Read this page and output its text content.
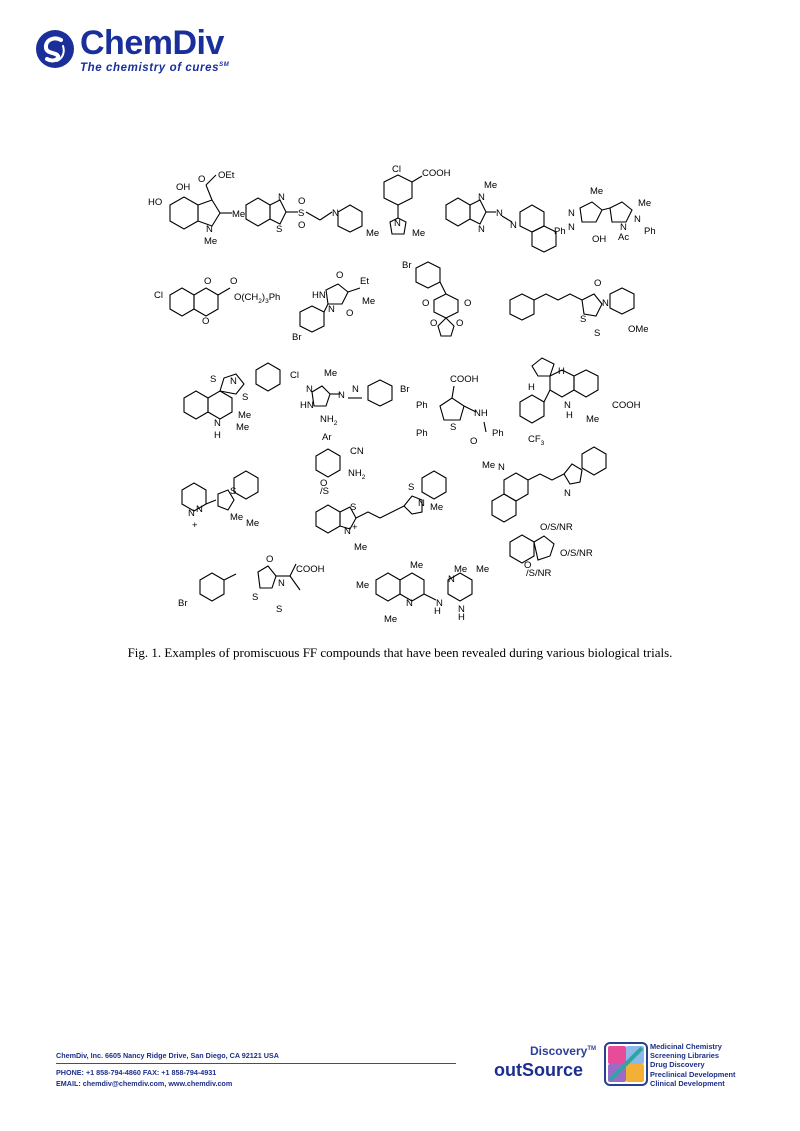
ChemDiv
The chemistry of cures℠
OH
HO
O OEt
Me
N
Me
N
S
S
O
O
N
Cl COOH
Me
N
Me
Me
N
N
N
N
Me
Me
N
N
Ph
OH
N
Ac
N
Ph
Cl
O O
$O(CH_2)_3Ph$
O
O
HN
N
Et
Me
O
Br
Br
O	O
O O
O
N
S
S	OMe
S N
Cl
S
Me
Me
N
H
Me
N
HN
N
N	Br
$NH_2$
COOH
Ph
Ph
S
NH
O
Ph
H
H
N
H
COOH
Me
$CF_3$
Ar
CN
$NH_2$
O
/S
S
N N
+
Me
Me
S
N Me
S
N +
Me
Me N
N
O/S/NR
O/S/NR
O
/S/NR
O
COOH
N
S
S
Br
Me
Me
Me Me
N N
H
N
N
H
Me
Fig. 1. Examples of promiscuous FF compounds that have been revealed during various biological trials.
ChemDiv, Inc. 6605 Nancy Ridge Drive, San Diego, CA 92121 USA
PHONE: +1 858-794-4860 FAX: +1 858-794-4931
EMAIL: chemdiv@chemdiv.com, www.chemdiv.com
Discovery™
outSource
Medicinal Chemistry
Screening Libraries
Drug Discovery
Preclinical Development
Clinical Development
